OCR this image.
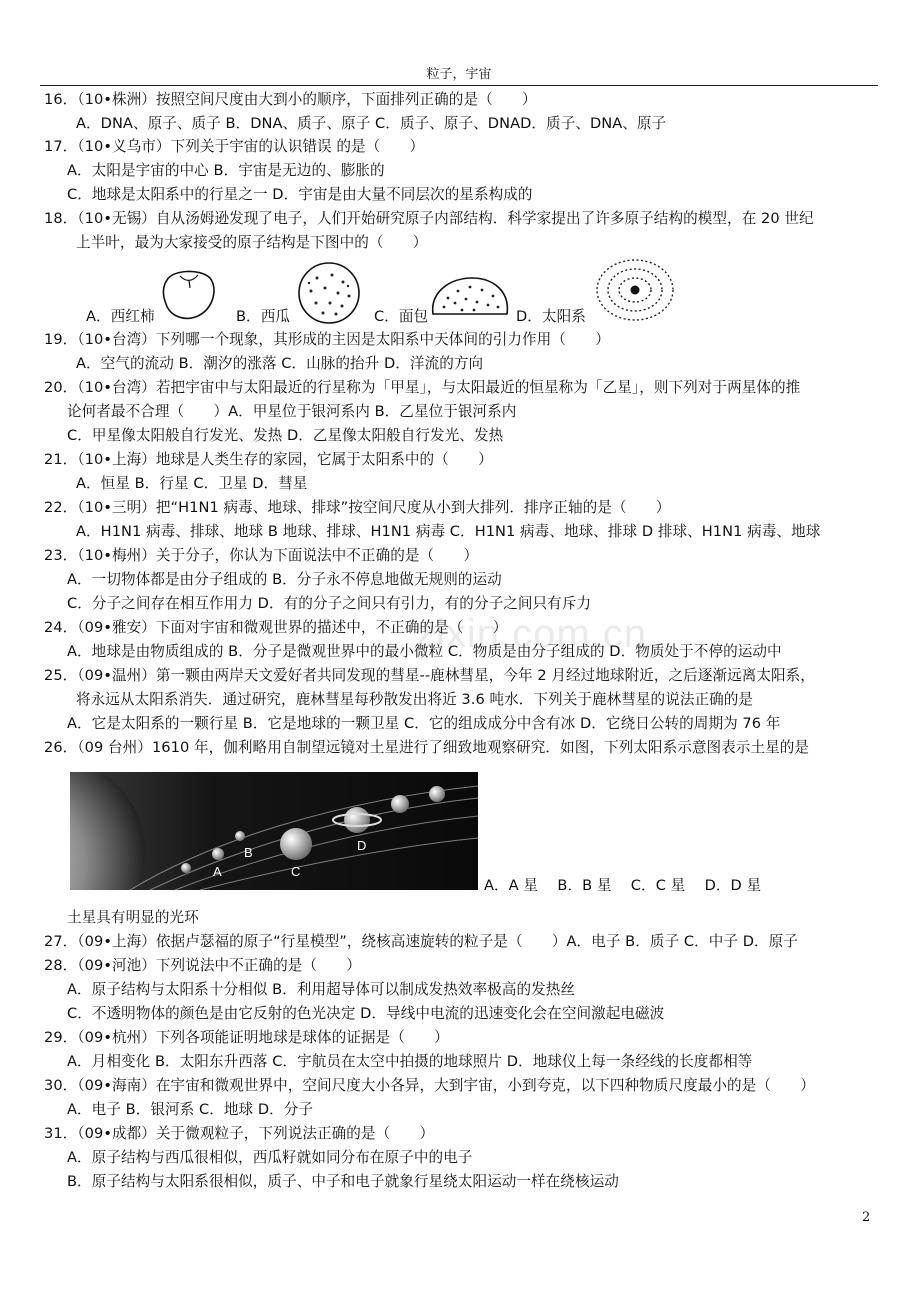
粒子，宇宙
zixin.com.cn
16．（10•株洲）按照空间尺度由大到小的顺序，下面排列正确的是（　　）
A．DNA、原子、质子 B．DNA、质子、原子 C．质子、原子、DNAD．质子、DNA、原子
17．（10•义乌市）下列关于宇宙的认识错误 的是（　　）
A．太阳是宇宙的中心 B．宇宙是无边的、膨胀的
C．地球是太阳系中的行星之一 D．宇宙是由大量不同层次的星系构成的
18．（10•无锡）自从汤姆逊发现了电子，人们开始研究原子内部结构．科学家提出了许多原子结构的模型，在 20 世纪
上半叶，最为大家接受的原子结构是下图中的（　　）
A．西红柿	B．西瓜	C．面包	D．太阳系
19．（10•台湾）下列哪一个现象，其形成的主因是太阳系中天体间的引力作用（　　）
A．空气的流动 B．潮汐的涨落 C．山脉的抬升 D．洋流的方向
20．（10•台湾）若把宇宙中与太阳最近的行星称为「甲星」，与太阳最近的恒星称为「乙星」，则下列对于两星体的推
论何者最不合理（　　）A．甲星位于银河系内 B．乙星位于银河系内
C．甲星像太阳般自行发光、发热 D．乙星像太阳般自行发光、发热
21．（10•上海）地球是人类生存的家园，它属于太阳系中的（　　）
A．恒星 B．行星 C．卫星 D．彗星
22．（10•三明）把“H1N1 病毒、地球、排球”按空间尺度从小到大排列．排序正轴的是（　　）
A．H1N1 病毒、排球、地球 B 地球、排球、H1N1 病毒 C．H1N1 病毒、地球、排球 D 排球、H1N1 病毒、地球
23．（10•梅州）关于分子，你认为下面说法中不正确的是（　　）
A．一切物体都是由分子组成的 B．分子永不停息地做无规则的运动
C．分子之间存在相互作用力 D．有的分子之间只有引力，有的分子之间只有斥力
24．（09•雅安）下面对宇宙和微观世界的描述中，不正确的是（　　）
A．地球是由物质组成的 B．分子是微观世界中的最小微粒 C．物质是由分子组成的 D．物质处于不停的运动中
25．（09•温州）第一颗由两岸天文爱好者共同发现的彗星--鹿林彗星，今年 2 月经过地球附近，之后逐渐远离太阳系，
将永远从太阳系消失．通过研究，鹿林彗星每秒散发出将近 3.6 吨水．下列关于鹿林彗星的说法正确的是
A．它是太阳系的一颗行星 B．它是地球的一颗卫星 C．它的组成成分中含有冰 D．它绕日公转的周期为 76 年
26．（09 台州）1610 年，伽利略用自制望远镜对土星进行了细致地观察研究．如图，下列太阳系示意图表示土星的是
A
B
C
D
A．A 星　 B．B 星　 C．C 星　 D．D 星
土星具有明显的光环
27．（09•上海）依据卢瑟福的原子“行星模型”，绕核高速旋转的粒子是（　　）A．电子 B．质子 C．中子 D．原子
28．（09•河池）下列说法中不正确的是（　　）
A．原子结构与太阳系十分相似 B．利用超导体可以制成发热效率极高的发热丝
C．不透明物体的颜色是由它反射的色光决定 D．导线中电流的迅速变化会在空间激起电磁波
29．（09•杭州）下列各项能证明地球是球体的证据是（　　）
A．月相变化 B．太阳东升西落 C．宇航员在太空中拍摄的地球照片 D．地球仪上每一条经线的长度都相等
30．（09•海南）在宇宙和微观世界中，空间尺度大小各异，大到宇宙，小到夸克，以下四种物质尺度最小的是（　　）
A．电子 B．银河系 C．地球 D．分子
31．（09•成都）关于微观粒子，下列说法正确的是（　　）
A．原子结构与西瓜很相似，西瓜籽就如同分布在原子中的电子
B．原子结构与太阳系很相似，质子、中子和电子就象行星绕太阳运动一样在绕核运动
2
